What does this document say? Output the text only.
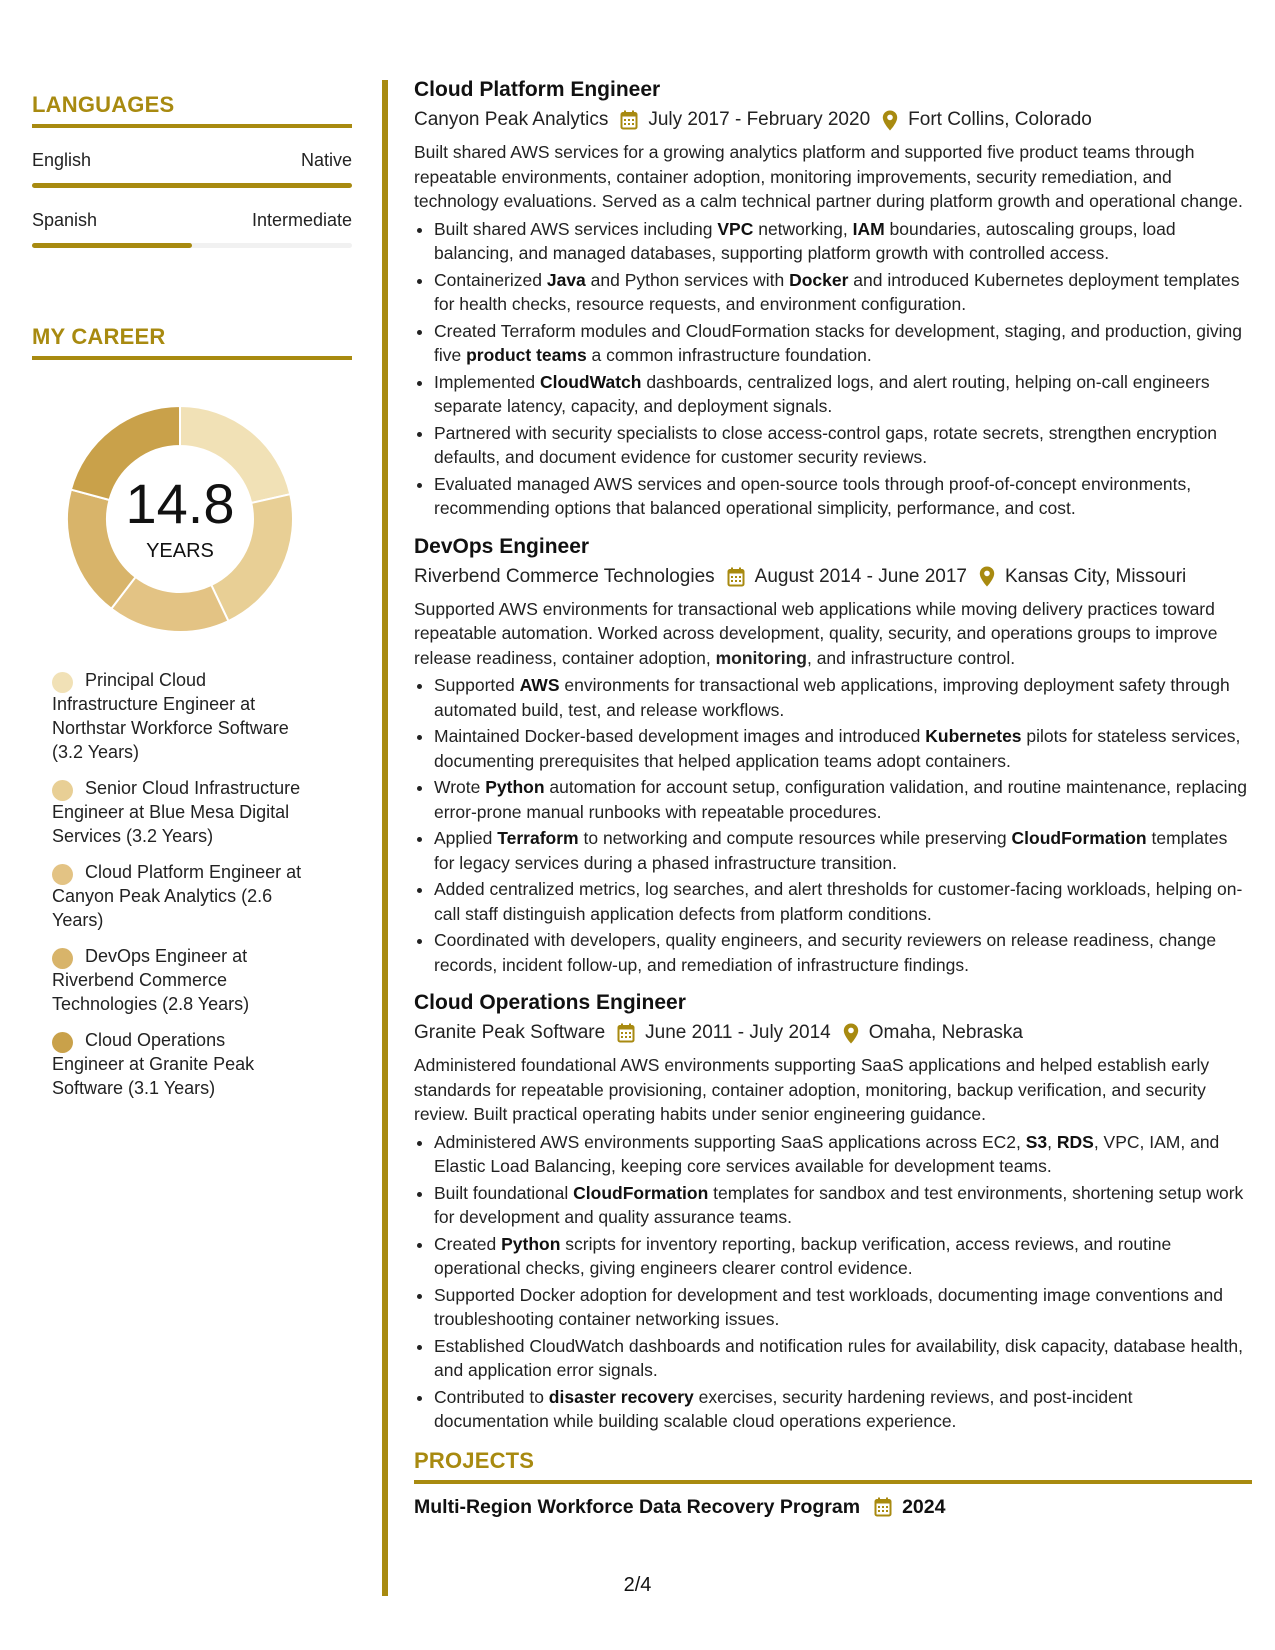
LANGUAGES
English	Native
Spanish	Intermediate
MY CAREER
14.8
YEARS
Principal Cloud Infrastructure Engineer at Northstar Workforce Software (3.2 Years)
Senior Cloud Infrastructure Engineer at Blue Mesa Digital Services (3.2 Years)
Cloud Platform Engineer at Canyon Peak Analytics (2.6 Years)
DevOps Engineer at Riverbend Commerce Technologies (2.8 Years)
Cloud Operations Engineer at Granite Peak Software (3.1 Years)
Cloud Platform Engineer
Canyon Peak Analytics July 2017 - February 2020 Fort Collins, Colorado
Built shared AWS services for a growing analytics platform and supported five product teams through repeatable environments, container adoption, monitoring improvements, security remediation, and technology evaluations. Served as a calm technical partner during platform growth and operational change.
• Built shared AWS services including VPC networking, IAM boundaries, autoscaling groups, load balancing, and managed databases, supporting platform growth with controlled access.
• Containerized Java and Python services with Docker and introduced Kubernetes deployment templates for health checks, resource requests, and environment configuration.
• Created Terraform modules and CloudFormation stacks for development, staging, and production, giving five product teams a common infrastructure foundation.
• Implemented CloudWatch dashboards, centralized logs, and alert routing, helping on-call engineers separate latency, capacity, and deployment signals.
• Partnered with security specialists to close access-control gaps, rotate secrets, strengthen encryption defaults, and document evidence for customer security reviews.
• Evaluated managed AWS services and open-source tools through proof-of-concept environments, recommending options that balanced operational simplicity, performance, and cost.
DevOps Engineer
Riverbend Commerce Technologies August 2014 - June 2017 Kansas City, Missouri
Supported AWS environments for transactional web applications while moving delivery practices toward repeatable automation. Worked across development, quality, security, and operations groups to improve release readiness, container adoption, monitoring, and infrastructure control.
• Supported AWS environments for transactional web applications, improving deployment safety through automated build, test, and release workflows.
• Maintained Docker-based development images and introduced Kubernetes pilots for stateless services, documenting prerequisites that helped application teams adopt containers.
• Wrote Python automation for account setup, configuration validation, and routine maintenance, replacing error-prone manual runbooks with repeatable procedures.
• Applied Terraform to networking and compute resources while preserving CloudFormation templates for legacy services during a phased infrastructure transition.
• Added centralized metrics, log searches, and alert thresholds for customer-facing workloads, helping on-call staff distinguish application defects from platform conditions.
• Coordinated with developers, quality engineers, and security reviewers on release readiness, change records, incident follow-up, and remediation of infrastructure findings.
Cloud Operations Engineer
Granite Peak Software June 2011 - July 2014 Omaha, Nebraska
Administered foundational AWS environments supporting SaaS applications and helped establish early standards for repeatable provisioning, container adoption, monitoring, backup verification, and security review. Built practical operating habits under senior engineering guidance.
• Administered AWS environments supporting SaaS applications across EC2, S3, RDS, VPC, IAM, and Elastic Load Balancing, keeping core services available for development teams.
• Built foundational CloudFormation templates for sandbox and test environments, shortening setup work for development and quality assurance teams.
• Created Python scripts for inventory reporting, backup verification, access reviews, and routine operational checks, giving engineers clearer control evidence.
• Supported Docker adoption for development and test workloads, documenting image conventions and troubleshooting container networking issues.
• Established CloudWatch dashboards and notification rules for availability, disk capacity, database health, and application error signals.
• Contributed to disaster recovery exercises, security hardening reviews, and post-incident documentation while building scalable cloud operations experience.
PROJECTS
Multi-Region Workforce Data Recovery Program 2024
2/4
